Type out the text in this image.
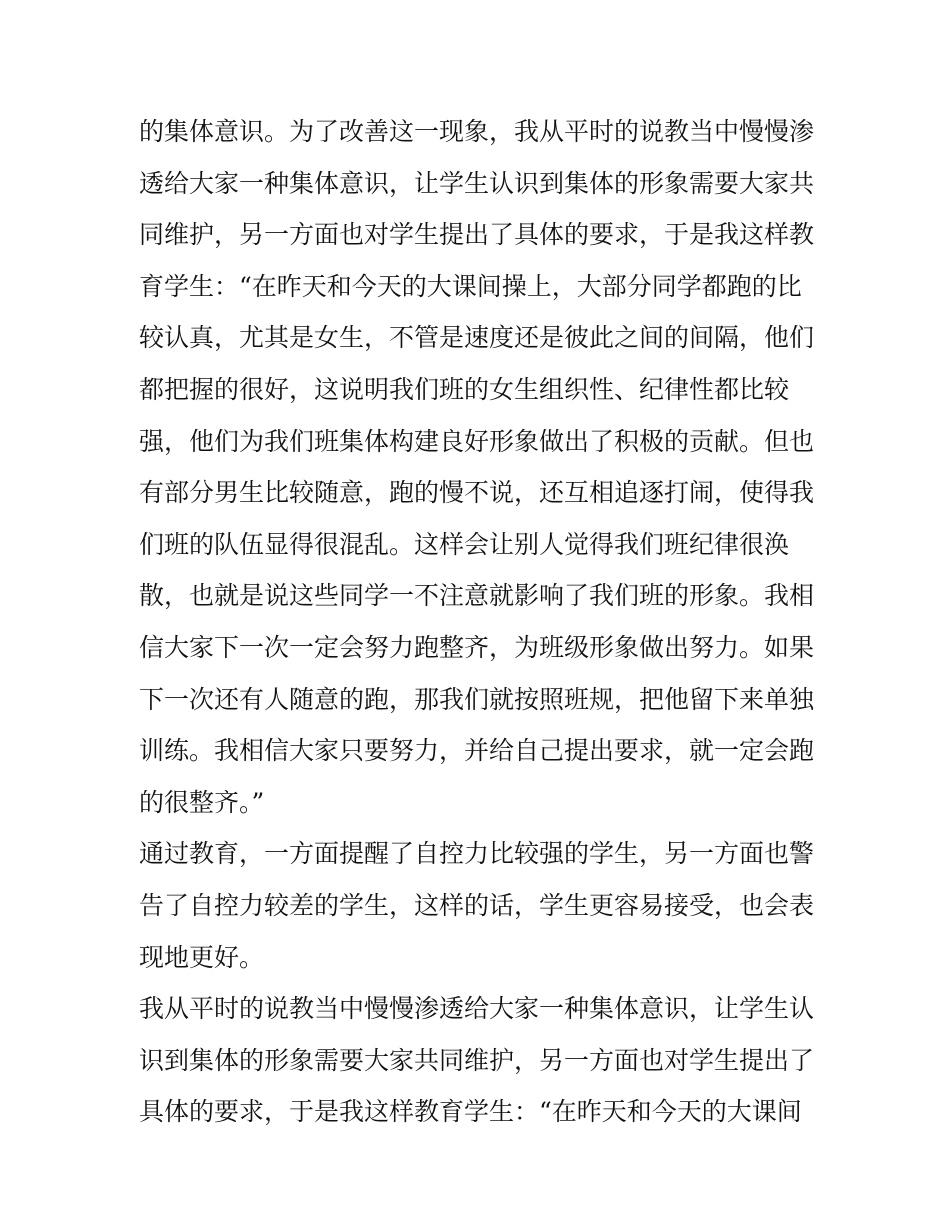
的集体意识。为了改善这一现象，我从平时的说教当中慢慢渗
透给大家一种集体意识，让学生认识到集体的形象需要大家共
同维护，另一方面也对学生提出了具体的要求，于是我这样教
育学生：“在昨天和今天的大课间操上，大部分同学都跑的比
较认真，尤其是女生，不管是速度还是彼此之间的间隔，他们
都把握的很好，这说明我们班的女生组织性、纪律性都比较
强，他们为我们班集体构建良好形象做出了积极的贡献。但也
有部分男生比较随意，跑的慢不说，还互相追逐打闹，使得我
们班的队伍显得很混乱。这样会让别人觉得我们班纪律很涣
散，也就是说这些同学一不注意就影响了我们班的形象。我相
信大家下一次一定会努力跑整齐，为班级形象做出努力。如果
下一次还有人随意的跑，那我们就按照班规，把他留下来单独
训练。我相信大家只要努力，并给自己提出要求，就一定会跑
的很整齐。”
通过教育，一方面提醒了自控力比较强的学生，另一方面也警
告了自控力较差的学生，这样的话，学生更容易接受，也会表
现地更好。
我从平时的说教当中慢慢渗透给大家一种集体意识，让学生认
识到集体的形象需要大家共同维护，另一方面也对学生提出了
具体的要求，于是我这样教育学生：“在昨天和今天的大课间
